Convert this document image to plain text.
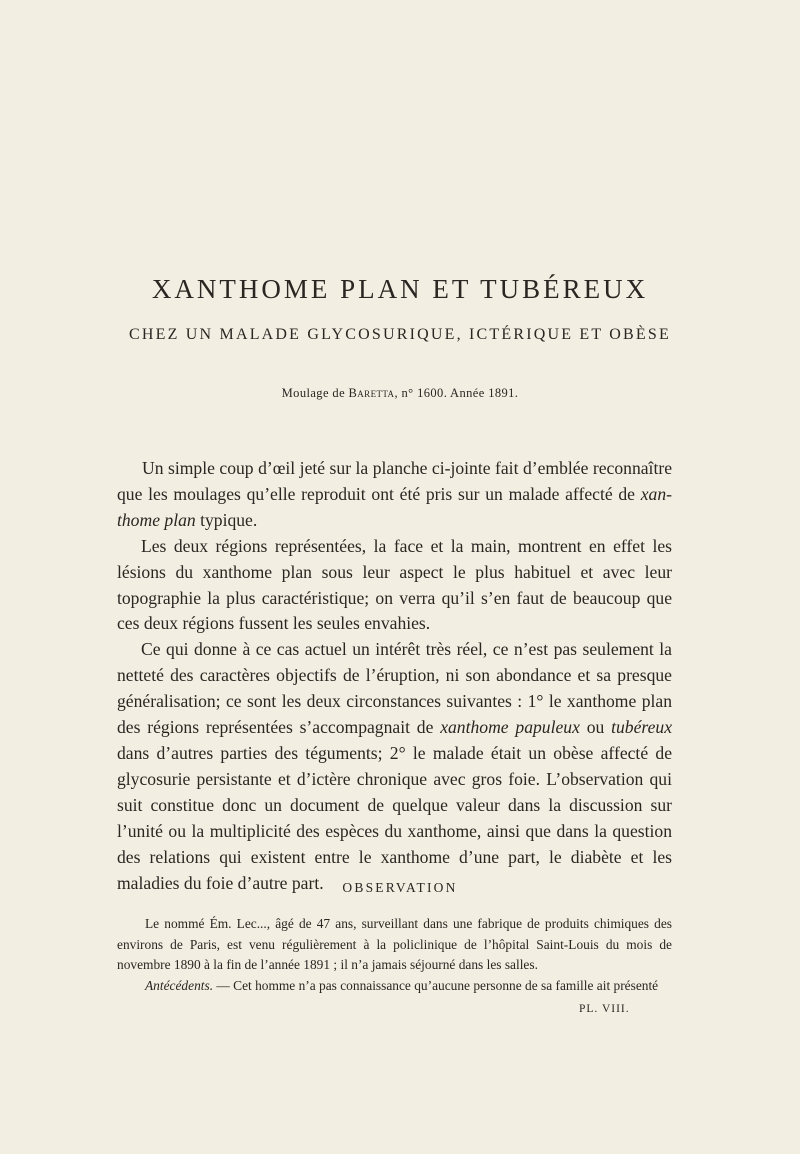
XANTHOME PLAN ET TUBÉREUX
CHEZ UN MALADE GLYCOSURIQUE, ICTÉRIQUE ET OBÈSE
Moulage de Baretta, n° 1600. Année 1891.

Un simple coup d’œil jeté sur la planche ci-jointe fait d’emblée reconnaître que les moulages qu’elle reproduit ont été pris sur un malade affecté de xan-thome plan typique.

Les deux régions représentées, la face et la main, montrent en effet les lésions du xanthome plan sous leur aspect le plus habituel et avec leur topographie la plus caractéristique; on verra qu’il s’en faut de beaucoup que ces deux régions fussent les seules envahies.

Ce qui donne à ce cas actuel un intérêt très réel, ce n’est pas seulement la netteté des caractères objectifs de l’éruption, ni son abondance et sa presque généralisation; ce sont les deux circonstances suivantes : 1° le xanthome plan des régions représentées s’accompagnait de xanthome papuleux ou tubéreux dans d’autres parties des téguments; 2° le malade était un obèse affecté de glycosurie persistante et d’ictère chronique avec gros foie. L’observation qui suit constitue donc un document de quelque valeur dans la discussion sur l’unité ou la multiplicité des espèces du xanthome, ainsi que dans la question des relations qui existent entre le xanthome d’une part, le diabète et les maladies du foie d’autre part.	OBSERVATION

Le nommé Ém. Lec..., âgé de 47 ans, surveillant dans une fabrique de produits chimiques des environs de Paris, est venu régulièrement à la policlinique de l’hôpital Saint-Louis du mois de novembre 1890 à la fin de l’année 1891 ; il n’a jamais séjourné dans les salles.

Antécédents. — Cet homme n’a pas connaissance qu’aucune personne de sa famille ait présenté

PL. VIII.
